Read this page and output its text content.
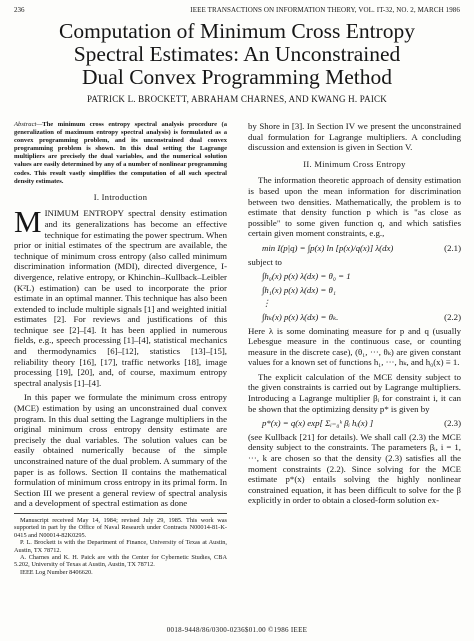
236	IEEE TRANSACTIONS ON INFORMATION THEORY, VOL. IT-32, NO. 2, MARCH 1986
Computation of Minimum Cross Entropy
Spectral Estimates: An Unconstrained
Dual Convex Programming Method
PATRICK L. BROCKETT, ABRAHAM CHARNES, AND KWANG H. PAICK
Abstract—The minimum cross entropy spectral analysis procedure (a generalization of maximum entropy spectral analysis) is formulated as a convex programming problem, and its unconstrained dual convex programming problem is shown. In this dual setting the Lagrange multipliers are precisely the dual variables, and the numerical solution values are easily determined by any of a number of nonlinear programming codes. This result vastly simplifies the computation of all such spectral density estimates.
I. Introduction

MINIMUM ENTROPY spectral density estimation and its generalizations has become an effective technique for estimating the power spectrum. When prior or initial estimates of the spectrum are available, the technique of minimum cross entropy (also called minimum discrimination information (MDI), directed divergence, I-divergence, relative entropy, or Khinchin–Kullback–Leibler (K²L) estimation) can be used to incorporate the prior estimate in an optimal manner. This technique has also been extended to include multiple signals [1] and weighted initial estimates [2]. For reviews and justifications of this technique see [2]–[4]. It has been applied in numerous fields, e.g., speech processing [1]–[4], statistical mechanics and thermodynamics [6]–[12], statistics [13]–[15], reliability theory [16], [17], traffic networks [18], image processing [19], [20], and, of course, maximum entropy spectral analysis [1]–[4].

In this paper we formulate the minimum cross entropy (MCE) estimation by using an unconstrained dual convex program. In this dual setting the Lagrange multipliers in the original minimum cross entropy density estimate are precisely the dual variables. The solution values can be easily obtained numerically because of the simple unconstrained nature of the dual problem. A summary of the paper is as follows. Section II contains the mathematical formulation of minimum cross entropy in its primal form. In Section III we present a general review of spectral analysis and a development of spectral estimation as done

Manuscript received May 14, 1984; revised July 29, 1985. This work was supported in part by the Office of Naval Research under Contracts N00014-81-K-0415 and N00014-82K0295.
P. L. Brockett is with the Department of Finance, University of Texas at Austin, Austin, TX 78712.
A. Charnes and K. H. Paick are with the Center for Cybernetic Studies, CBA 5.202, University of Texas at Austin, Austin, TX 78712.
IEEE Log Number 8406620.

by Shore in [3]. In Section IV we present the unconstrained dual formulation for Lagrange multipliers. A concluding discussion and extension is given in Section V.

II. Minimum Cross Entropy

The information theoretic approach of density estimation is based upon the mean information for discrimination between two densities. Mathematically, the problem is to estimate that density function p which is "as close as possible" to some given function q, and which satisfies certain given moment constraints, e.g.,

min I(p|q) = ∫p(x) ln [p(x)/q(x)] λ(dx)	(2.1)

subject to

∫h₀(x) p(x) λ(dx) = θ₀ = 1
∫h₁(x) p(x) λ(dx) = θ₁
⋮
∫hₖ(x) p(x) λ(dx) = θₖ.	(2.2)

Here λ is some dominating measure for p and q (usually Lebesgue measure in the continuous case, or counting measure in the discrete case), (θ₁, ···, θₖ) are given constant values for a known set of functions h₁, ···, hₖ, and h₀(x) ≡ 1.

The explicit calculation of the MCE density subject to the given constraints is carried out by Lagrange multipliers. Introducing a Lagrange multiplier βᵢ for constraint i, it can be shown that the optimizing density p* is given by

p*(x) = q(x) exp[ Σᵢ₌₀ᵏ βᵢ hᵢ(x) ]	(2.3)

(see Kullback [21] for details). We shall call (2.3) the MCE density subject to the constraints. The parameters βᵢ, i = 1, ···, k are chosen so that the density (2.3) satisfies all the moment constraints (2.2). Since solving for the MCE estimate p*(x) entails solving the highly nonlinear constrained equation, it has been difficult to solve for the β explicitly in order to obtain a closed-form solution ex-

0018-9448/86/0300-0236$01.00 ©1986 IEEE
